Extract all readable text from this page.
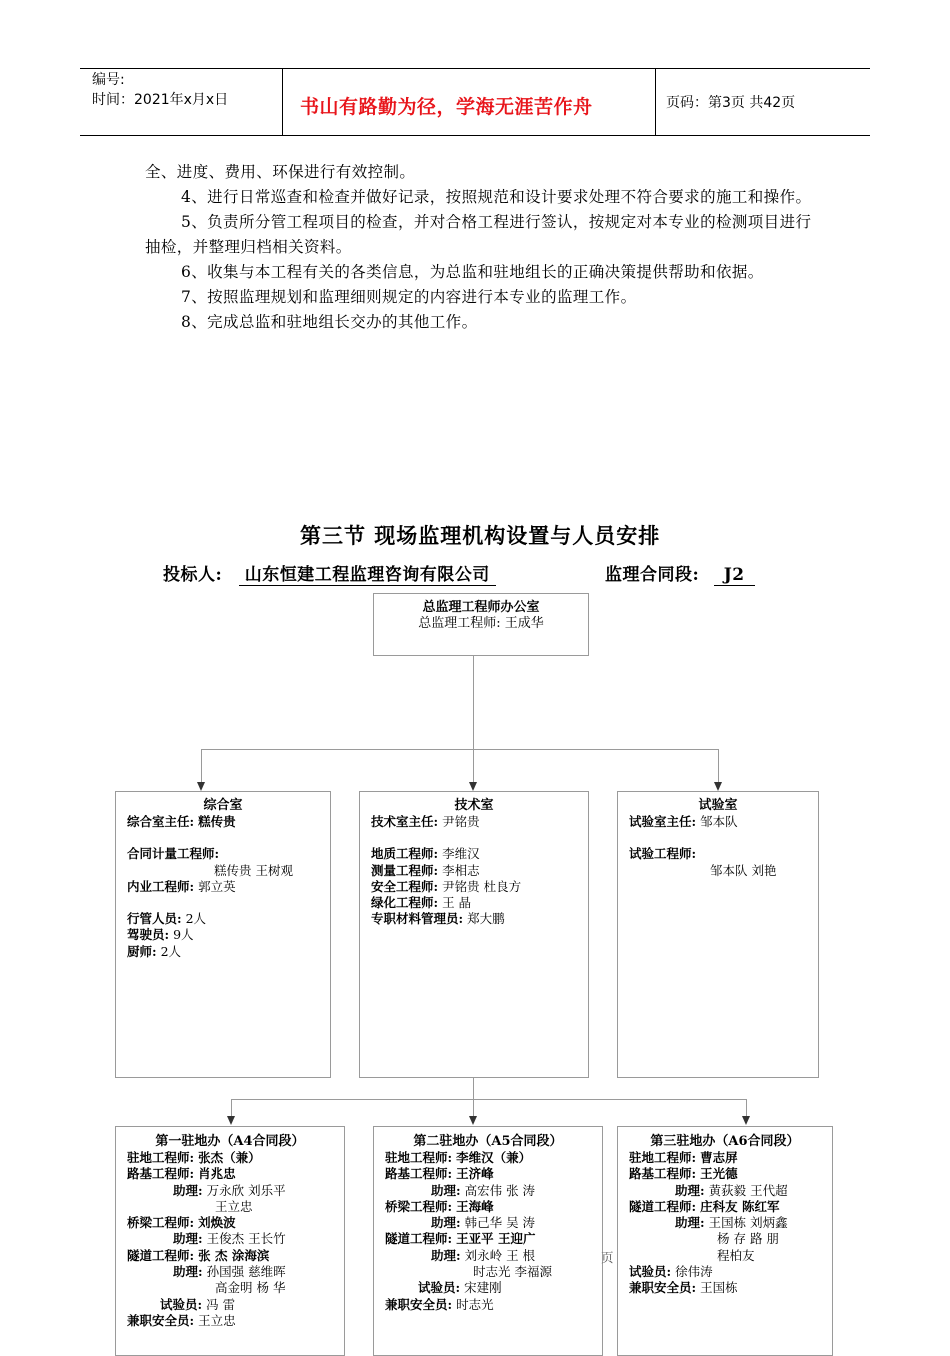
编号:
时间：2021年x月x日	书山有路勤为径，学海无涯苦作舟	页码：第3页 共42页

全、进度、费用、环保进行有效控制。

4、进行日常巡查和检查并做好记录，按照规范和设计要求处理不符合要求的施工和操作。

5、负责所分管工程项目的检查，并对合格工程进行签认，按规定对本专业的检测项目进行抽检，并整理归档相关资料。

6、收集与本工程有关的各类信息，为总监和驻地组长的正确决策提供帮助和依据。

7、按照监理规划和监理细则规定的内容进行本专业的监理工作。

8、完成总监和驻地组长交办的其他工作。

第三节 现场监理机构设置与人员安排
投标人: 山东恒建工程监理咨询有限公司	监理合同段: J2
总监理工程师办公室
总监理工程师: 王成华
综合室
综合室主任: 糕传贵
合同计量工程师:
糕传贵 王树观
内业工程师: 郭立英
行管人员: 2人
驾驶员: 9人
厨师: 2人
技术室
技术室主任: 尹铭贵
地质工程师: 李维汉
测量工程师: 李相志
安全工程师: 尹铭贵 杜良方
绿化工程师: 王 晶
专职材料管理员: 郑大鹏
试验室
试验室主任: 邹本队
试验工程师:
邹本队 刘艳
第一驻地办（A4合同段）
驻地工程师: 张杰（兼）
路基工程师: 肖兆忠
助理: 万永欣 刘乐平
王立忠
桥梁工程师: 刘焕波
助理: 王俊杰 王长竹
隧道工程师: 张 杰 涂海滨
助理: 孙国强 慈维晖
高金明 杨 华
试验员: 冯 雷
兼职安全员: 王立忠
第二驻地办（A5合同段）
驻地工程师: 李维汉（兼）
路基工程师: 王济峰
助理: 高宏伟 张 涛
桥梁工程师: 王海峰
助理: 韩己华 吴 涛
隧道工程师: 王亚平 王迎广
助理: 刘永岭 王 根
时志光 李福源
试验员: 宋建刚
兼职安全员: 时志光
页
第三驻地办（A6合同段）
驻地工程师: 曹志屏
路基工程师: 王光德
助理: 黄荻毅 王代超
隧道工程师: 庄科友 陈红军
助理: 王国栋 刘炳鑫
杨 存 路 朋
程柏友
试验员: 徐伟涛
兼职安全员: 王国栋
